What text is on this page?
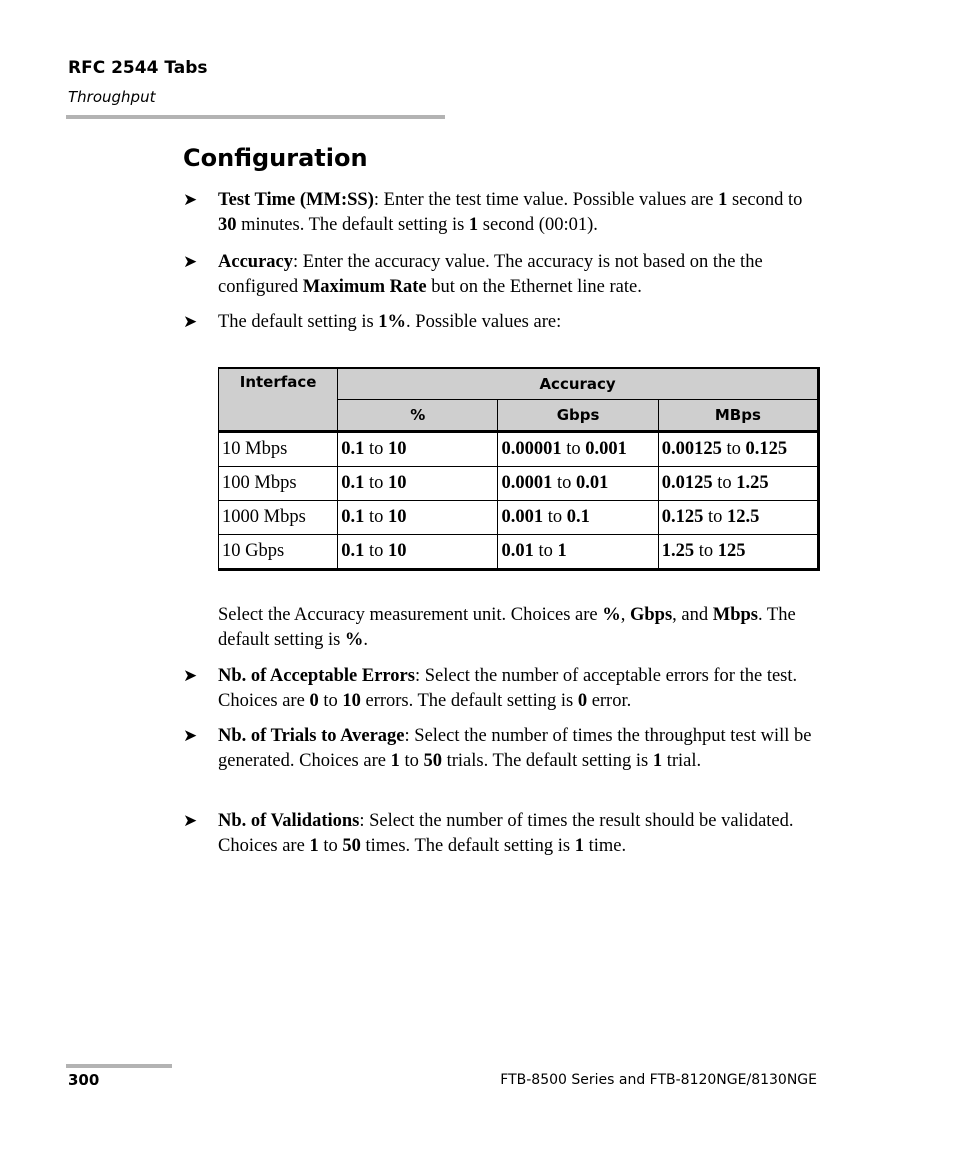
RFC 2544 Tabs
Throughput
Configuration
➤ Test Time (MM:SS): Enter the test time value. Possible values are 1 second to 30 minutes. The default setting is 1 second (00:01).
➤ Accuracy: Enter the accuracy value. The accuracy is not based on the the configured Maximum Rate but on the Ethernet line rate.
➤ The default setting is 1%. Possible values are:
Interface	Accuracy		
	%	Gbps	MBps
10 Mbps	0.1 to 10	0.00001 to 0.001	0.00125 to 0.125
100 Mbps	0.1 to 10	0.0001 to 0.01	0.0125 to 1.25
1000 Mbps	0.1 to 10	0.001 to 0.1	0.125 to 12.5
10 Gbps	0.1 to 10	0.01 to 1	1.25 to 125
Select the Accuracy measurement unit. Choices are %, Gbps, and Mbps. The default setting is %.
➤ Nb. of Acceptable Errors: Select the number of acceptable errors for the test. Choices are 0 to 10 errors. The default setting is 0 error.
➤ Nb. of Trials to Average: Select the number of times the throughput test will be generated. Choices are 1 to 50 trials. The default setting is 1 trial.
➤ Nb. of Validations: Select the number of times the result should be validated. Choices are 1 to 50 times. The default setting is 1 time.
300	FTB-8500 Series and FTB-8120NGE/8130NGE
